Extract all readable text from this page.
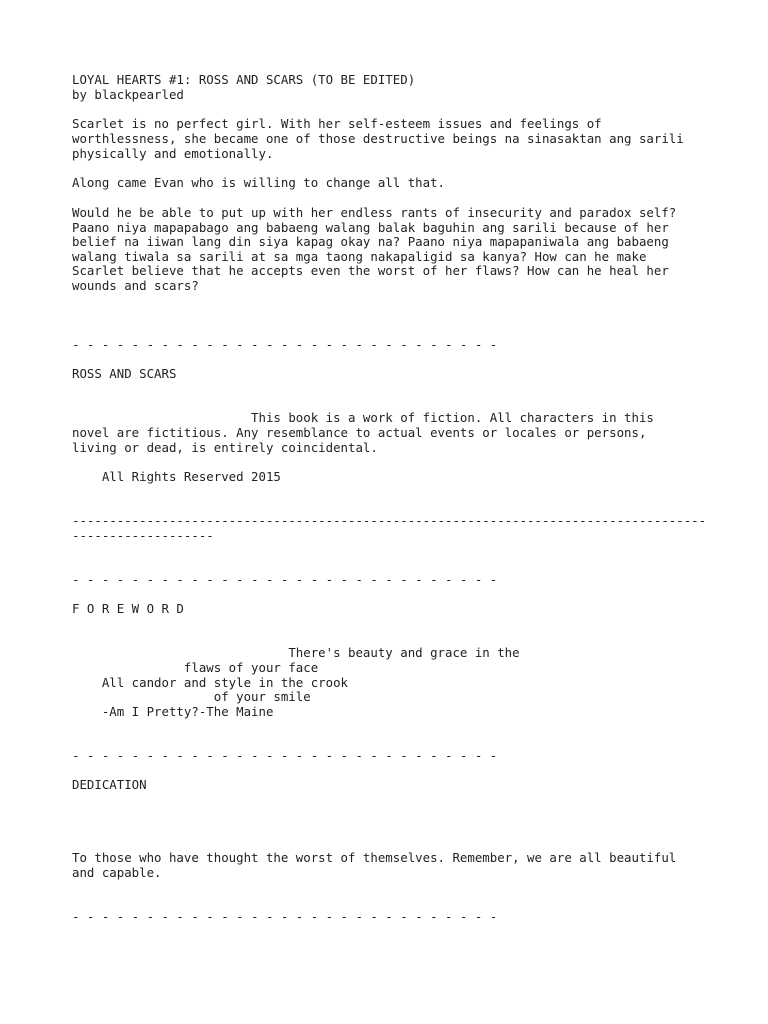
LOYAL HEARTS #1: ROSS AND SCARS (TO BE EDITED)
by blackpearled
Scarlet is no perfect girl. With her self-esteem issues and feelings of
worthlessness, she became one of those destructive beings na sinasaktan ang sarili
physically and emotionally.
Along came Evan who is willing to change all that.
Would he be able to put up with her endless rants of insecurity and paradox self?
Paano niya mapapabago ang babaeng walang balak baguhin ang sarili because of her
belief na iiwan lang din siya kapag okay na? Paano niya mapapaniwala ang babaeng
walang tiwala sa sarili at sa mga taong nakapaligid sa kanya? How can he make
Scarlet believe that he accepts even the worst of her flaws? How can he heal her
wounds and scars?
- - - - - - - - - - - - - - - - - - - - - - - - - - - - -
ROSS AND SCARS
This book is a work of fiction. All characters in this
novel are fictitious. Any resemblance to actual events or locales or persons,
living or dead, is entirely coincidental.
All Rights Reserved 2015
-------------------------------------------------------------------------------------
-------------------
- - - - - - - - - - - - - - - - - - - - - - - - - - - - -
F O R E W O R D
There's beauty and grace in the
flaws of your face
All candor and style in the crook
of your smile
-Am I Pretty?-The Maine
- - - - - - - - - - - - - - - - - - - - - - - - - - - - -
DEDICATION
To those who have thought the worst of themselves. Remember, we are all beautiful
and capable.
- - - - - - - - - - - - - - - - - - - - - - - - - - - - -
